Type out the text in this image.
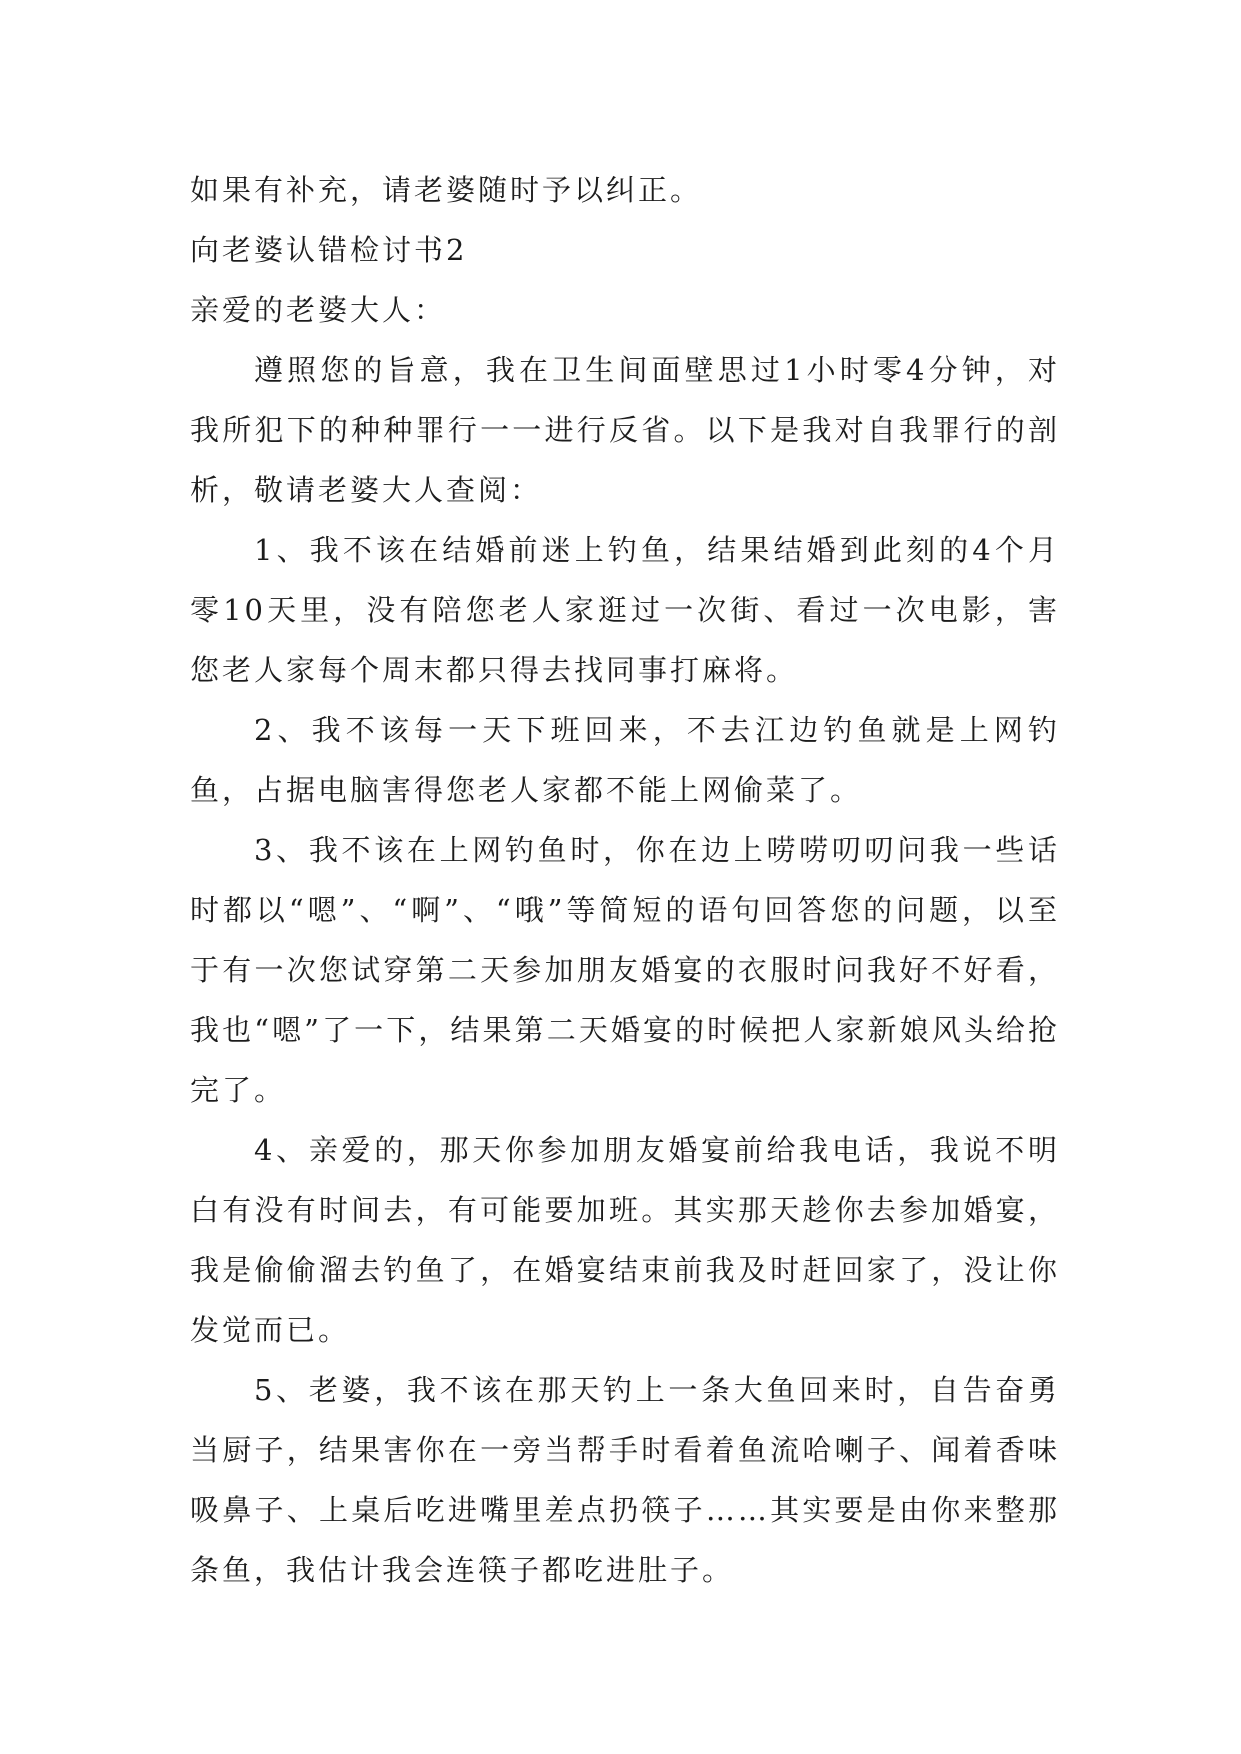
如果有补充，请老婆随时予以纠正。

向老婆认错检讨书2

亲爱的老婆大人：

遵照您的旨意，我在卫生间面壁思过1小时零4分钟，对我所犯下的种种罪行一一进行反省。以下是我对自我罪行的剖析，敬请老婆大人查阅：

1、我不该在结婚前迷上钓鱼，结果结婚到此刻的4个月零10天里，没有陪您老人家逛过一次街、看过一次电影，害您老人家每个周末都只得去找同事打麻将。

2、我不该每一天下班回来，不去江边钓鱼就是上网钓鱼，占据电脑害得您老人家都不能上网偷菜了。

3、我不该在上网钓鱼时，你在边上唠唠叨叨问我一些话时都以“嗯”、“啊”、“哦”等简短的语句回答您的问题，以至于有一次您试穿第二天参加朋友婚宴的衣服时问我好不好看，我也“嗯”了一下，结果第二天婚宴的时候把人家新娘风头给抢完了。

4、亲爱的，那天你参加朋友婚宴前给我电话，我说不明白有没有时间去，有可能要加班。其实那天趁你去参加婚宴，我是偷偷溜去钓鱼了，在婚宴结束前我及时赶回家了，没让你发觉而已。

5、老婆，我不该在那天钓上一条大鱼回来时，自告奋勇当厨子，结果害你在一旁当帮手时看着鱼流哈喇子、闻着香味吸鼻子、上桌后吃进嘴里差点扔筷子……其实要是由你来整那条鱼，我估计我会连筷子都吃进肚子。
